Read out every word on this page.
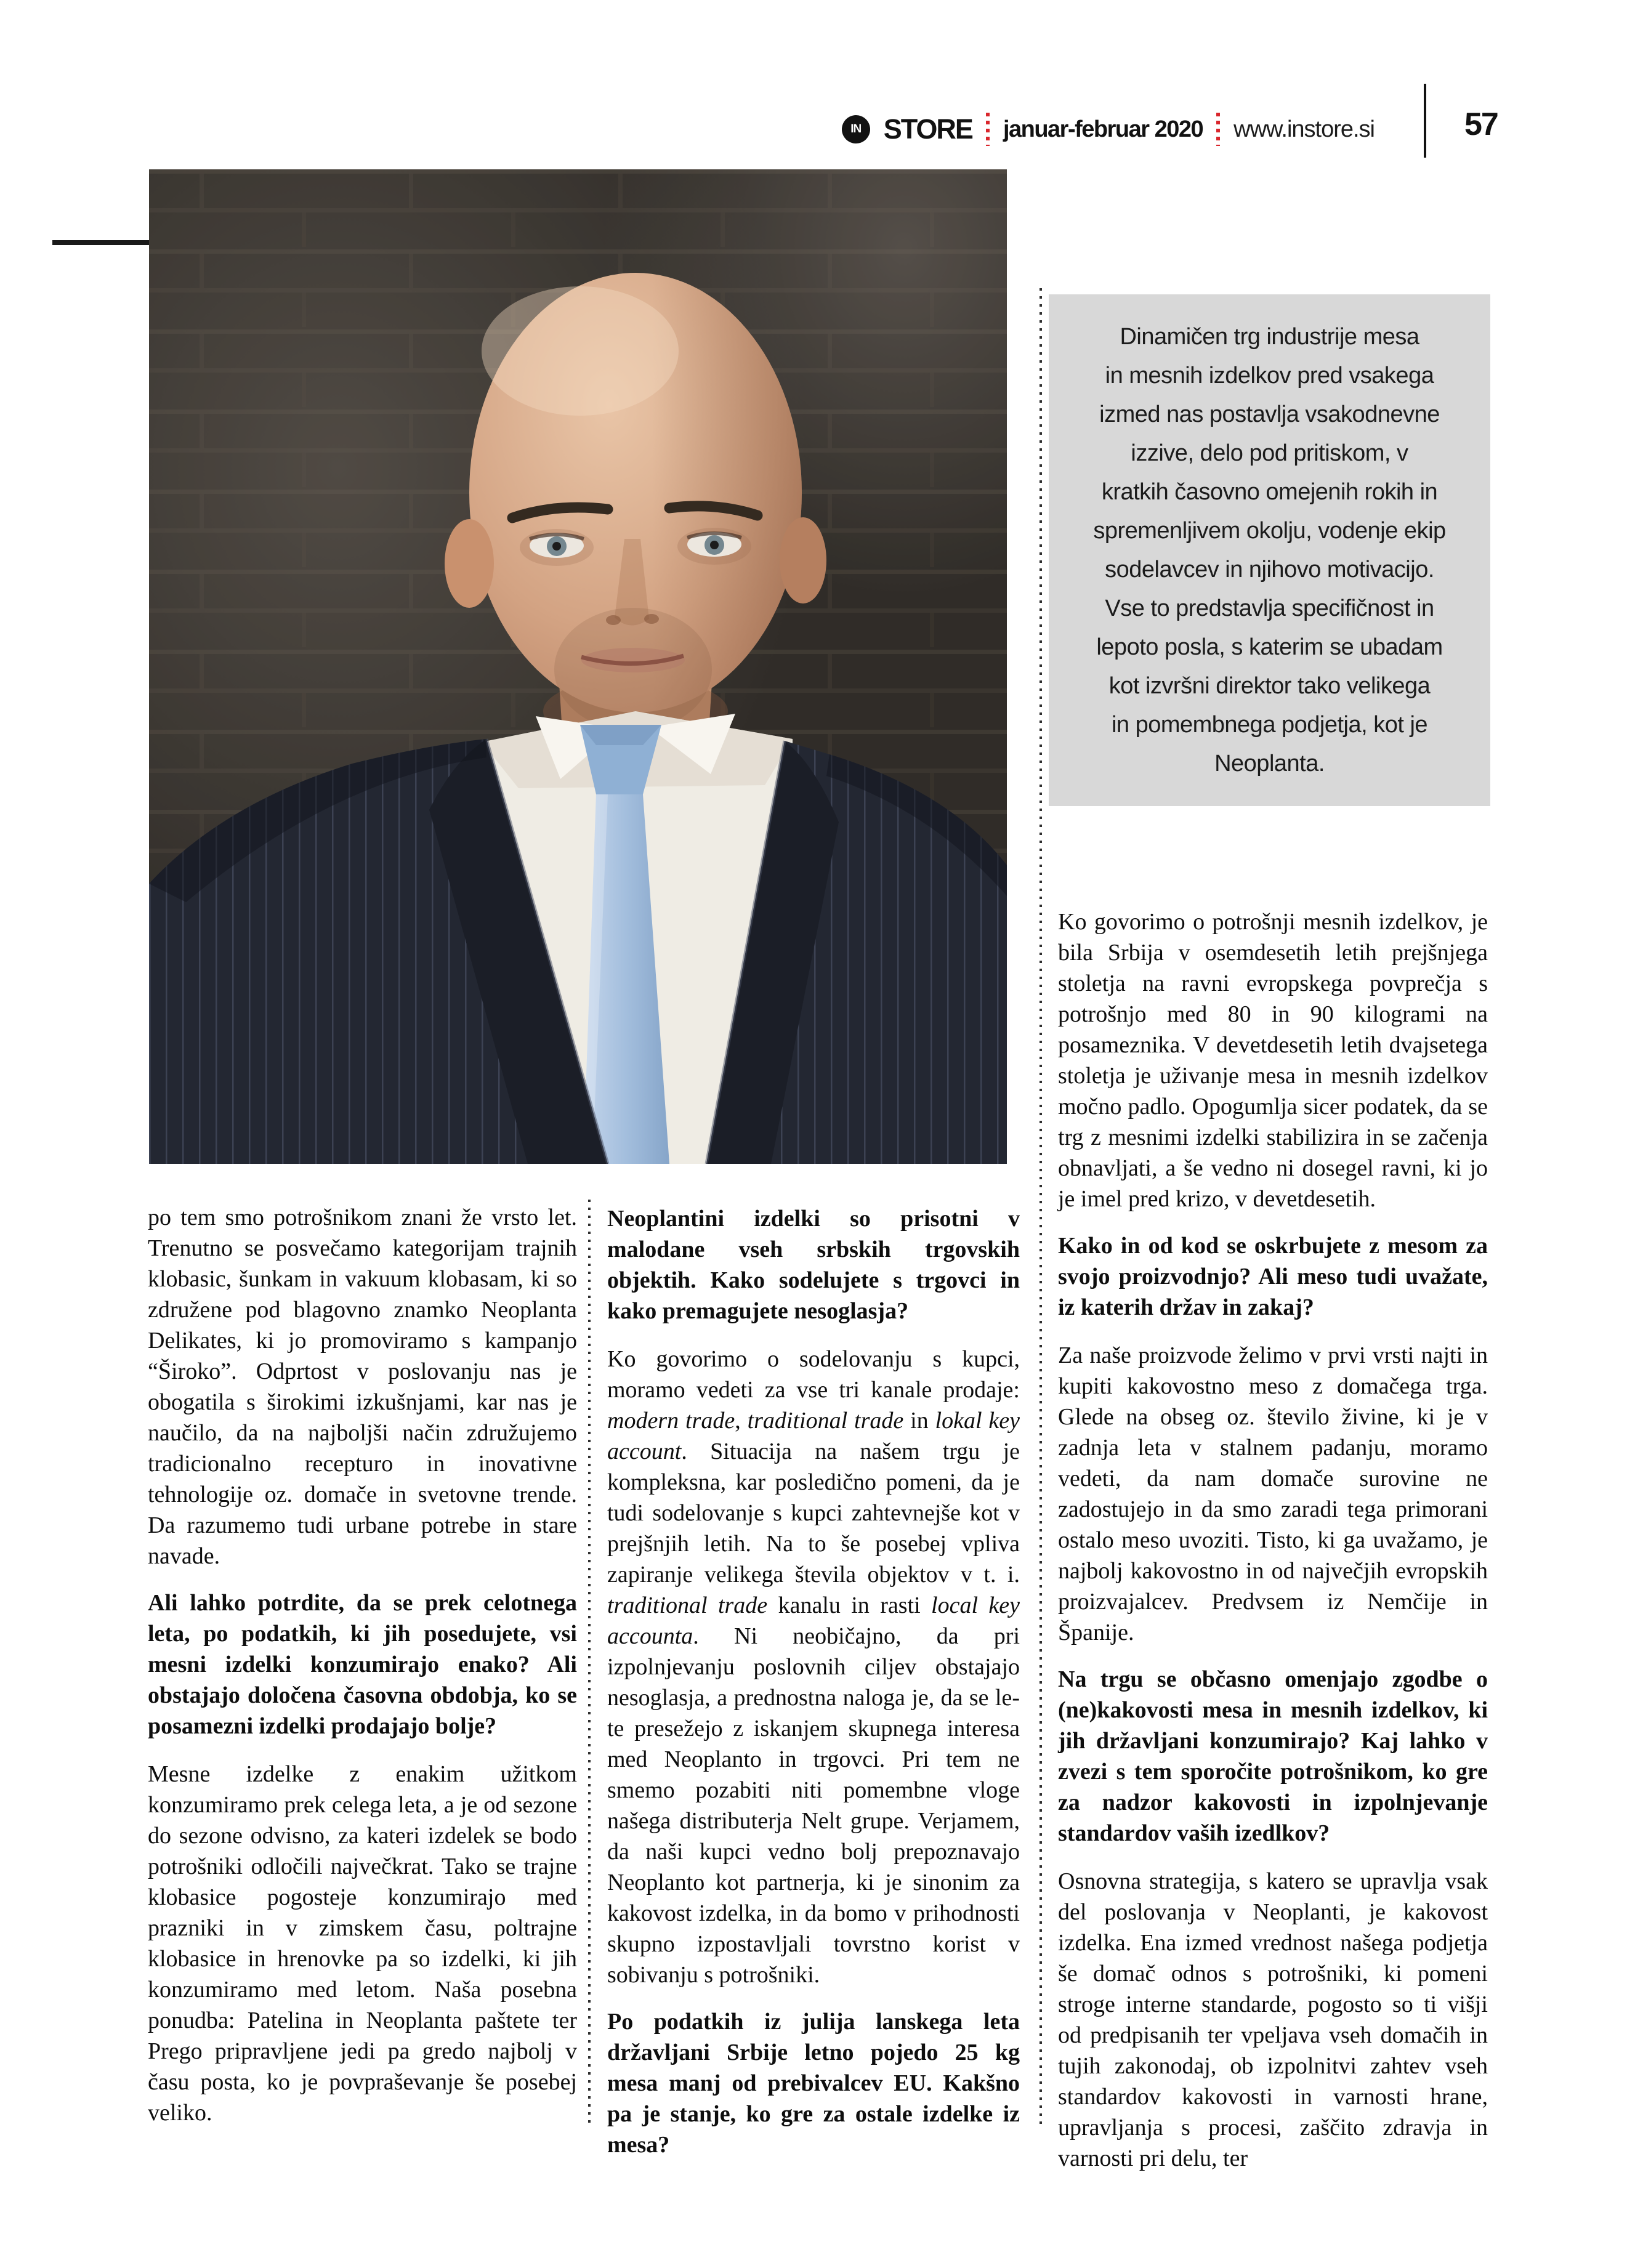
IN STORE januar-februar 2020 www.instore.si	57
Dinamičen trg industrije mesa
in mesnih izdelkov pred vsakega
izmed nas postavlja vsakodnevne
izzive, delo pod pritiskom, v
kratkih časovno omejenih rokih in
spremenljivem okolju, vodenje ekip
sodelavcev in njihovo motivacijo.
Vse to predstavlja specifičnost in
lepoto posla, s katerim se ubadam
kot izvršni direktor tako velikega
in pomembnega podjetja, kot je
Neoplanta.

po tem smo potrošnikom znani že vrsto let. Trenutno se posvečamo kategorijam trajnih klobasic, šunkam in vakuum klobasam, ki so združene pod blagovno znamko Neoplanta Delikates, ki jo promoviramo s kampanjo “Široko”. Odprtost v poslovanju nas je obogatila s širokimi izkušnjami, kar nas je naučilo, da na najboljši način združujemo tradicionalno recepturo in inovativne tehnologije oz. domače in svetovne trende. Da razumemo tudi urbane potrebe in stare navade.

Ali lahko potrdite, da se prek celotnega leta, po podatkih, ki jih posedujete, vsi mesni izdelki konzumirajo enako? Ali obstajajo določena časovna obdobja, ko se posamezni izdelki prodajajo bolje?

Mesne izdelke z enakim užitkom konzumiramo prek celega leta, a je od sezone do sezone odvisno, za kateri izdelek se bodo potrošniki odločili največkrat. Tako se trajne klobasice pogosteje konzumirajo med prazniki in v zimskem času, poltrajne klobasice in hrenovke pa so izdelki, ki jih konzumiramo med letom. Naša posebna ponudba: Patelina in Neoplanta paštete ter Prego pripravljene jedi pa gredo najbolj v času posta, ko je povpraševanje še posebej veliko.

Neoplantini izdelki so prisotni v malodane vseh srbskih trgovskih objektih. Kako sodelujete s trgovci in kako premagujete nesoglasja?

Ko govorimo o sodelovanju s kupci, moramo vedeti za vse tri kanale prodaje: modern trade, traditional trade in lokal key account. Situacija na našem trgu je kompleksna, kar posledično pomeni, da je tudi sodelovanje s kupci zahtevnejše kot v prejšnjih letih. Na to še posebej vpliva zapiranje velikega števila objektov v t. i. traditional trade kanalu in rasti local key accounta. Ni neobičajno, da pri izpolnjevanju poslovnih ciljev obstajajo nesoglasja, a prednostna naloga je, da se le-te presežejo z iskanjem skupnega interesa med Neoplanto in trgovci. Pri tem ne smemo pozabiti niti pomembne vloge našega distributerja Nelt grupe. Verjamem, da naši kupci vedno bolj prepoznavajo Neoplanto kot partnerja, ki je sinonim za kakovost izdelka, in da bomo v prihodnosti skupno izpostavljali tovrstno korist v sobivanju s potrošniki.

Po podatkih iz julija lanskega leta državljani Srbije letno pojedo 25 kg mesa manj od prebivalcev EU. Kakšno pa je stanje, ko gre za ostale izdelke iz mesa?

Ko govorimo o potrošnji mesnih izdelkov, je bila Srbija v osemdesetih letih prejšnjega stoletja na ravni evropskega povprečja s potrošnjo med 80 in 90 kilogrami na posameznika. V devetdesetih letih dvajsetega stoletja je uživanje mesa in mesnih izdelkov močno padlo. Opogumlja sicer podatek, da se trg z mesnimi izdelki stabilizira in se začenja obnavljati, a še vedno ni dosegel ravni, ki jo je imel pred krizo, v devetdesetih.

Kako in od kod se oskrbujete z mesom za svojo proizvodnjo? Ali meso tudi uvažate, iz katerih držav in zakaj?

Za naše proizvode želimo v prvi vrsti najti in kupiti kakovostno meso z domačega trga. Glede na obseg oz. število živine, ki je v zadnja leta v stalnem padanju, moramo vedeti, da nam domače surovine ne zadostujejo in da smo zaradi tega primorani ostalo meso uvoziti. Tisto, ki ga uvažamo, je najbolj kakovostno in od največjih evropskih proizvajalcev. Predvsem iz Nemčije in Španije.

Na trgu se občasno omenjajo zgodbe o (ne)kakovosti mesa in mesnih izdelkov, ki jih državljani konzumirajo? Kaj lahko v zvezi s tem sporočite potrošnikom, ko gre za nadzor kakovosti in izpolnjevanje standardov vaših izedlkov?

Osnovna strategija, s katero se upravlja vsak del poslovanja v Neoplanti, je kakovost izdelka. Ena izmed vrednost našega podjetja še domač odnos s potrošniki, ki pomeni stroge interne standarde, pogosto so ti višji od predpisanih ter vpeljava vseh domačih in tujih zakonodaj, ob izpolnitvi zahtev vseh standardov kakovosti in varnosti hrane, upravljanja s procesi, zaščito zdravja in varnosti pri delu, ter
